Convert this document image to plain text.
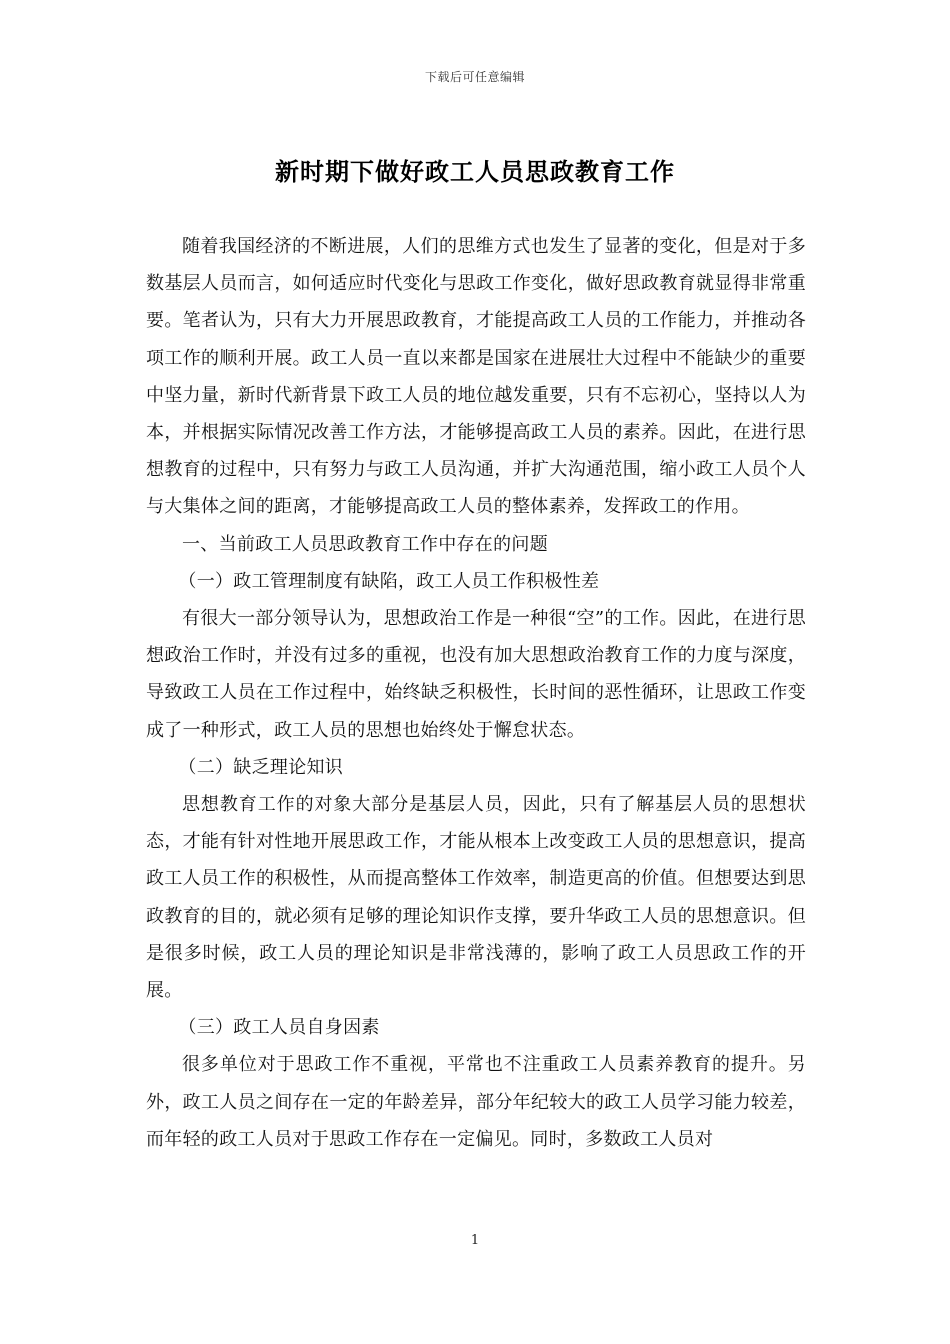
下载后可任意编辑
新时期下做好政工人员思政教育工作

随着我国经济的不断进展，人们的思维方式也发生了显著的变化，但是对于多数基层人员而言，如何适应时代变化与思政工作变化，做好思政教育就显得非常重要。笔者认为，只有大力开展思政教育，才能提高政工人员的工作能力，并推动各项工作的顺利开展。政工人员一直以来都是国家在进展壮大过程中不能缺少的重要中坚力量，新时代新背景下政工人员的地位越发重要，只有不忘初心，坚持以人为本，并根据实际情况改善工作方法，才能够提高政工人员的素养。因此，在进行思想教育的过程中，只有努力与政工人员沟通，并扩大沟通范围，缩小政工人员个人与大集体之间的距离，才能够提高政工人员的整体素养，发挥政工的作用。

一、当前政工人员思政教育工作中存在的问题

（一）政工管理制度有缺陷，政工人员工作积极性差

有很大一部分领导认为，思想政治工作是一种很“空”的工作。因此，在进行思想政治工作时，并没有过多的重视，也没有加大思想政治教育工作的力度与深度，导致政工人员在工作过程中，始终缺乏积极性，长时间的恶性循环，让思政工作变成了一种形式，政工人员的思想也始终处于懈怠状态。

（二）缺乏理论知识

思想教育工作的对象大部分是基层人员，因此，只有了解基层人员的思想状态，才能有针对性地开展思政工作，才能从根本上改变政工人员的思想意识，提高政工人员工作的积极性，从而提高整体工作效率，制造更高的价值。但想要达到思政教育的目的，就必须有足够的理论知识作支撑，要升华政工人员的思想意识。但是很多时候，政工人员的理论知识是非常浅薄的，影响了政工人员思政工作的开展。

（三）政工人员自身因素

很多单位对于思政工作不重视，平常也不注重政工人员素养教育的提升。另外，政工人员之间存在一定的年龄差异，部分年纪较大的政工人员学习能力较差，而年轻的政工人员对于思政工作存在一定偏见。同时，多数政工人员对

1
